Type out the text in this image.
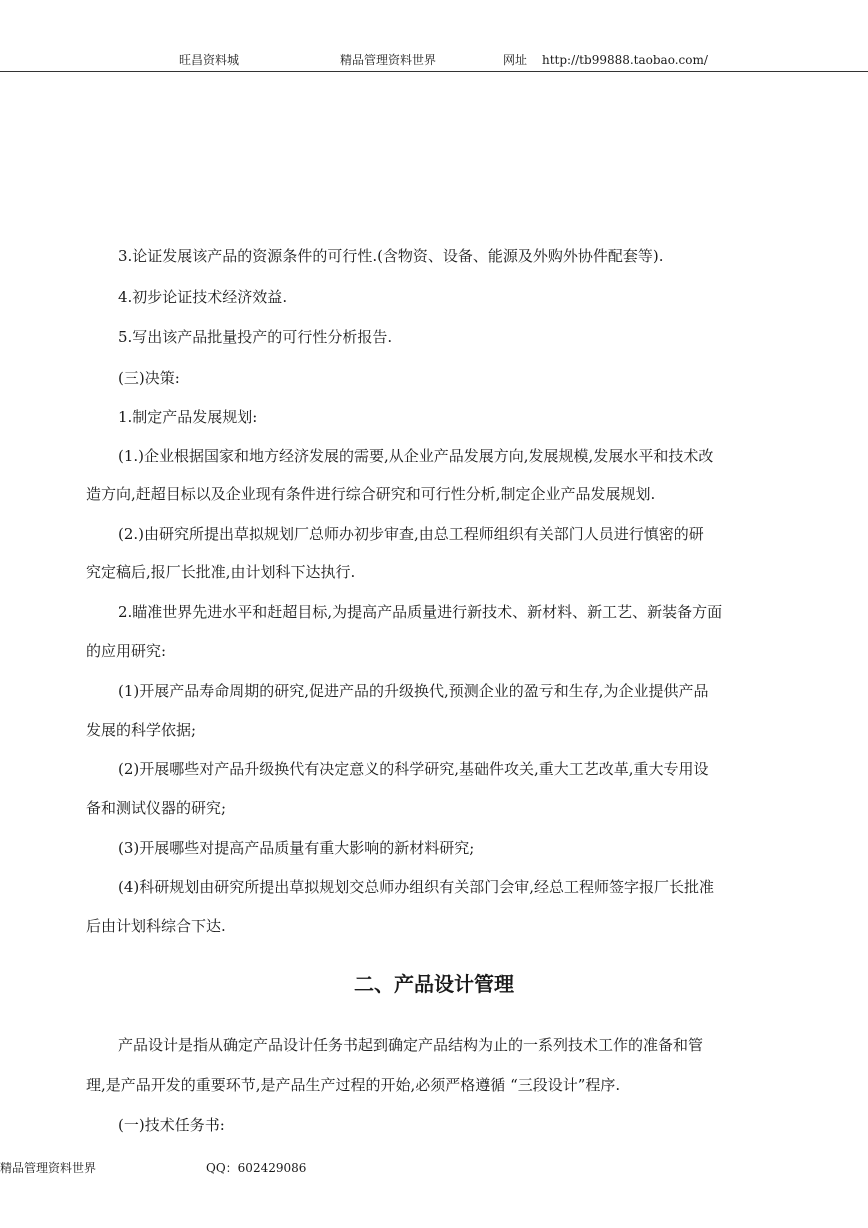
旺昌资料城	精品管理资料世界	网址 http://tb99888.taobao.com/
3.论证发展该产品的资源条件的可行性.(含物资、设备、能源及外购外协件配套等).
4.初步论证技术经济效益.
5.写出该产品批量投产的可行性分析报告.
(三)决策:
1.制定产品发展规划:
(1.)企业根据国家和地方经济发展的需要,从企业产品发展方向,发展规模,发展水平和技术改
造方向,赶超目标以及企业现有条件进行综合研究和可行性分析,制定企业产品发展规划.
(2.)由研究所提出草拟规划厂总师办初步审查,由总工程师组织有关部门人员进行慎密的研
究定稿后,报厂长批准,由计划科下达执行.
2.瞄准世界先进水平和赶超目标,为提高产品质量进行新技术、新材料、新工艺、新装备方面
的应用研究:
(1)开展产品寿命周期的研究,促进产品的升级换代,预测企业的盈亏和生存,为企业提供产品
发展的科学依据;
(2)开展哪些对产品升级换代有决定意义的科学研究,基础件攻关,重大工艺改革,重大专用设
备和测试仪器的研究;
(3)开展哪些对提高产品质量有重大影响的新材料研究;
(4)科研规划由研究所提出草拟规划交总师办组织有关部门会审,经总工程师签字报厂长批准
后由计划科综合下达.
二、产品设计管理
产品设计是指从确定产品设计任务书起到确定产品结构为止的一系列技术工作的准备和管
理,是产品开发的重要环节,是产品生产过程的开始,必须严格遵循 “三段设计”程序.
(一)技术任务书:
精品管理资料世界	QQ：602429086
